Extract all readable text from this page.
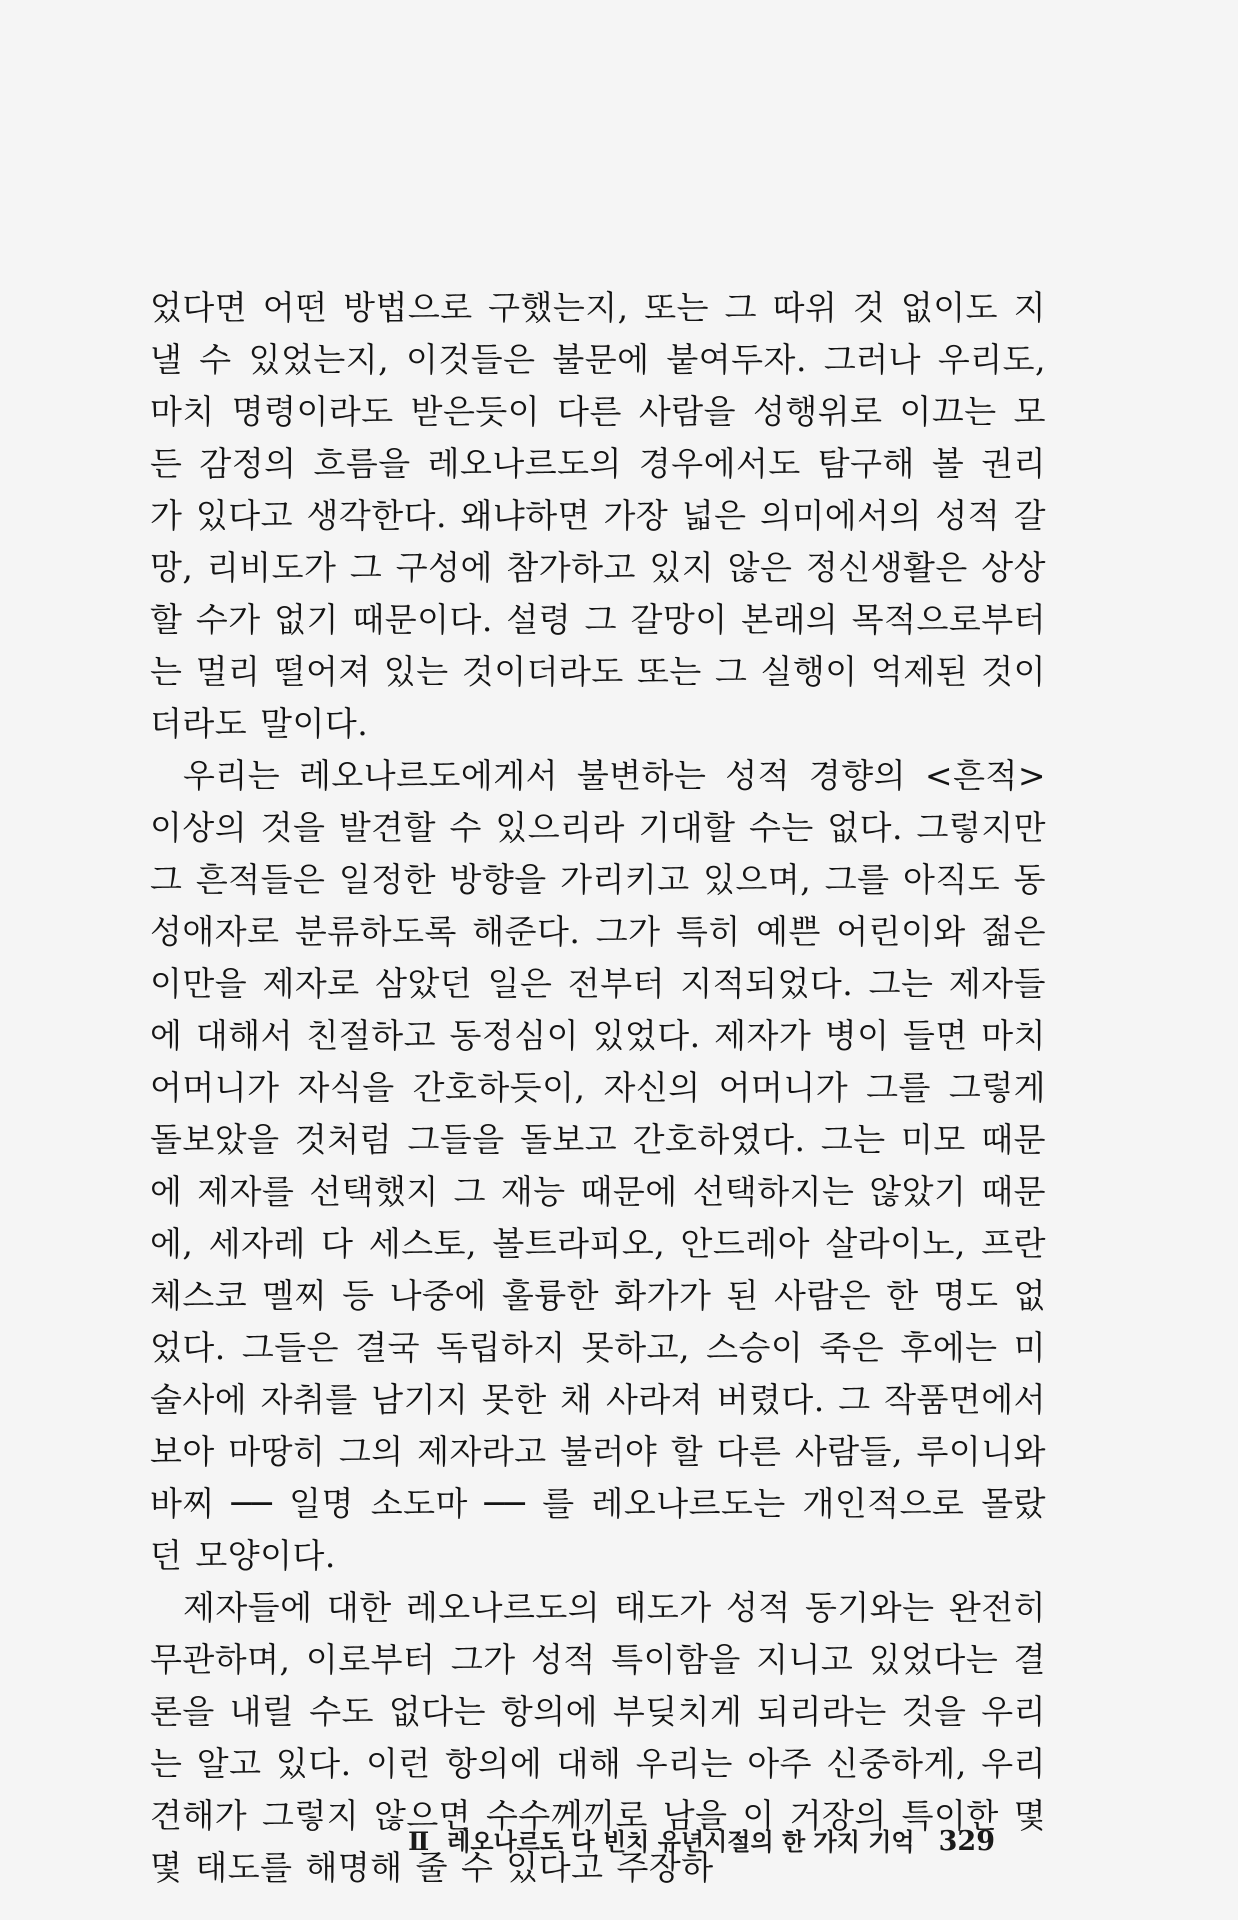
었다면 어떤 방법으로 구했는지, 또는 그 따위 것 없이도 지낼 수 있었는지, 이것들은 불문에 붙여두자. 그러나 우리도, 마치 명령이라도 받은듯이 다른 사람을 성행위로 이끄는 모든 감정의 흐름을 레오나르도의 경우에서도 탐구해 볼 권리가 있다고 생각한다. 왜냐하면 가장 넓은 의미에서의 성적 갈망, 리비도가 그 구성에 참가하고 있지 않은 정신생활은 상상할 수가 없기 때문이다. 설령 그 갈망이 본래의 목적으로부터는 멀리 떨어져 있는 것이더라도 또는 그 실행이 억제된 것이더라도 말이다.

우리는 레오나르도에게서 불변하는 성적 경향의 <흔적> 이상의 것을 발견할 수 있으리라 기대할 수는 없다. 그렇지만 그 흔적들은 일정한 방향을 가리키고 있으며, 그를 아직도 동성애자로 분류하도록 해준다. 그가 특히 예쁜 어린이와 젊은이만을 제자로 삼았던 일은 전부터 지적되었다. 그는 제자들에 대해서 친절하고 동정심이 있었다. 제자가 병이 들면 마치 어머니가 자식을 간호하듯이, 자신의 어머니가 그를 그렇게 돌보았을 것처럼 그들을 돌보고 간호하였다. 그는 미모 때문에 제자를 선택했지 그 재능 때문에 선택하지는 않았기 때문에, 세자레 다 세스토, 볼트라피오, 안드레아 살라이노, 프란체스코 멜찌 등 나중에 훌륭한 화가가 된 사람은 한 명도 없었다. 그들은 결국 독립하지 못하고, 스승이 죽은 후에는 미술사에 자취를 남기지 못한 채 사라져 버렸다. 그 작품면에서 보아 마땅히 그의 제자라고 불러야 할 다른 사람들, 루이니와 바찌 ── 일명 소도마 ── 를 레오나르도는 개인적으로 몰랐던 모양이다.

제자들에 대한 레오나르도의 태도가 성적 동기와는 완전히 무관하며, 이로부터 그가 성적 특이함을 지니고 있었다는 결론을 내릴 수도 없다는 항의에 부딪치게 되리라는 것을 우리는 알고 있다. 이런 항의에 대해 우리는 아주 신중하게, 우리 견해가 그렇지 않으면 수수께끼로 남을 이 거장의 특이한 몇몇 태도를 해명해 줄 수 있다고 주장하

Ⅱ 레오나르도 다 빈치 유년시절의 한 가지 기억 329
